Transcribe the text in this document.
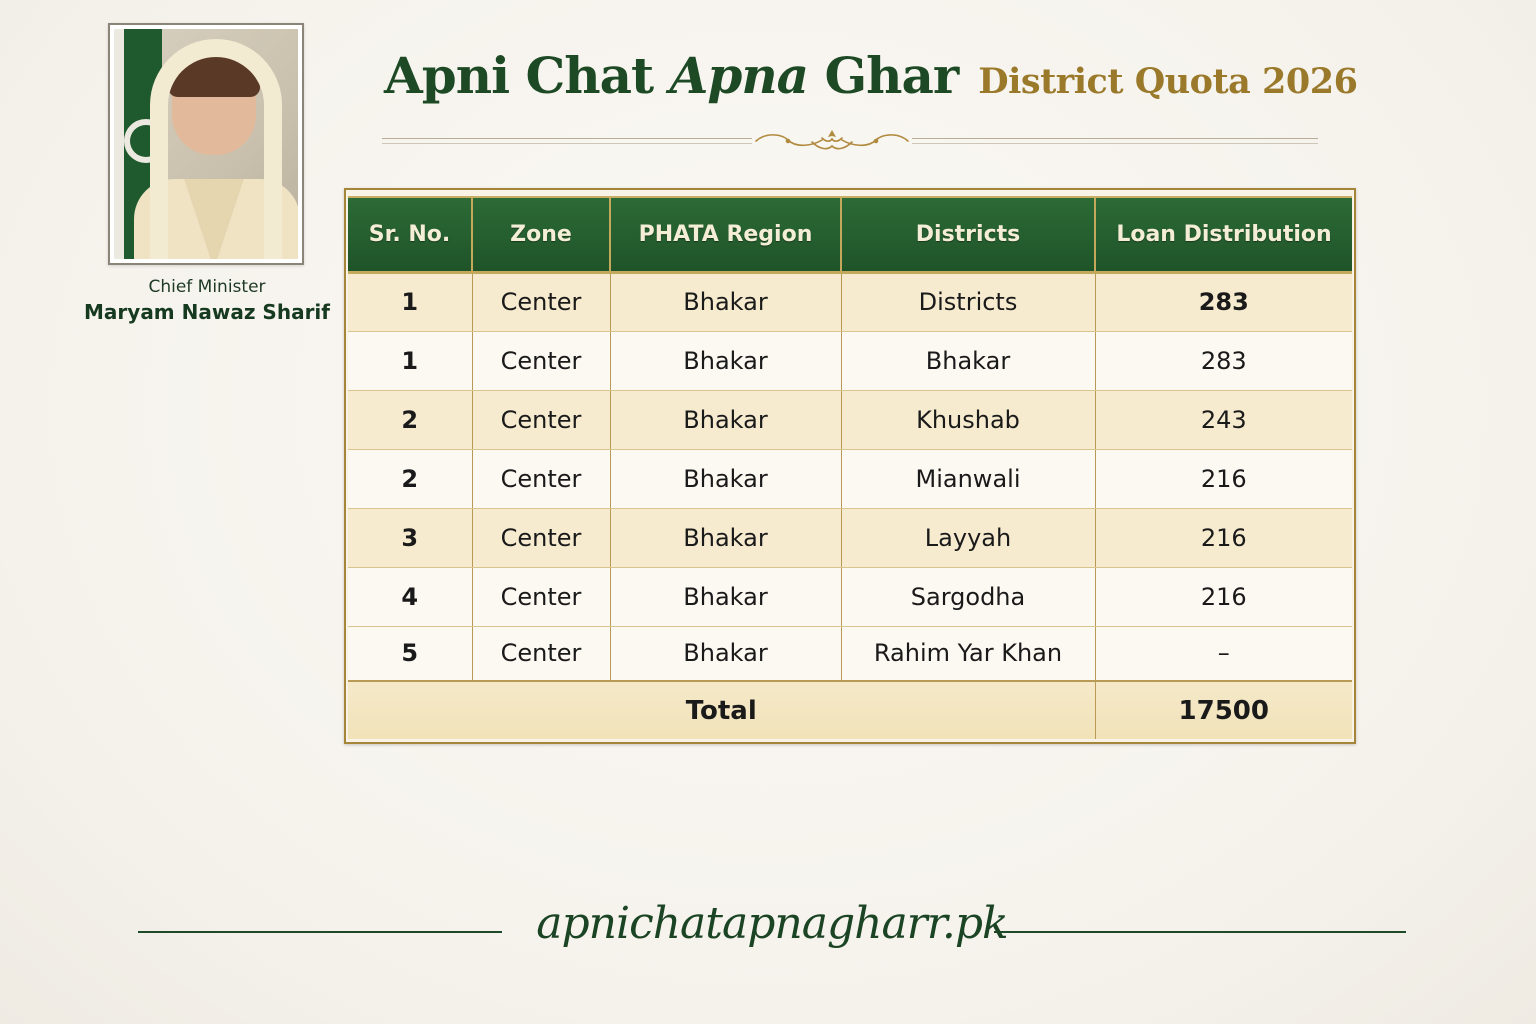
Chief Minister
Maryam Nawaz Sharif
Apni Chat Apna Ghar District Quota 2026
Sr. No.	Zone	PHATA Region	Districts	Loan Distribution
1	Center	Bhakar	Districts	283
1	Center	Bhakar	Bhakar	283
2	Center	Bhakar	Khushab	243
2	Center	Bhakar	Mianwali	216
3	Center	Bhakar	Layyah	216
4	Center	Bhakar	Sargodha	216
5	Center	Bhakar	Rahim Yar Khan	–
Total				17500
apnichatapnagharr.pk
